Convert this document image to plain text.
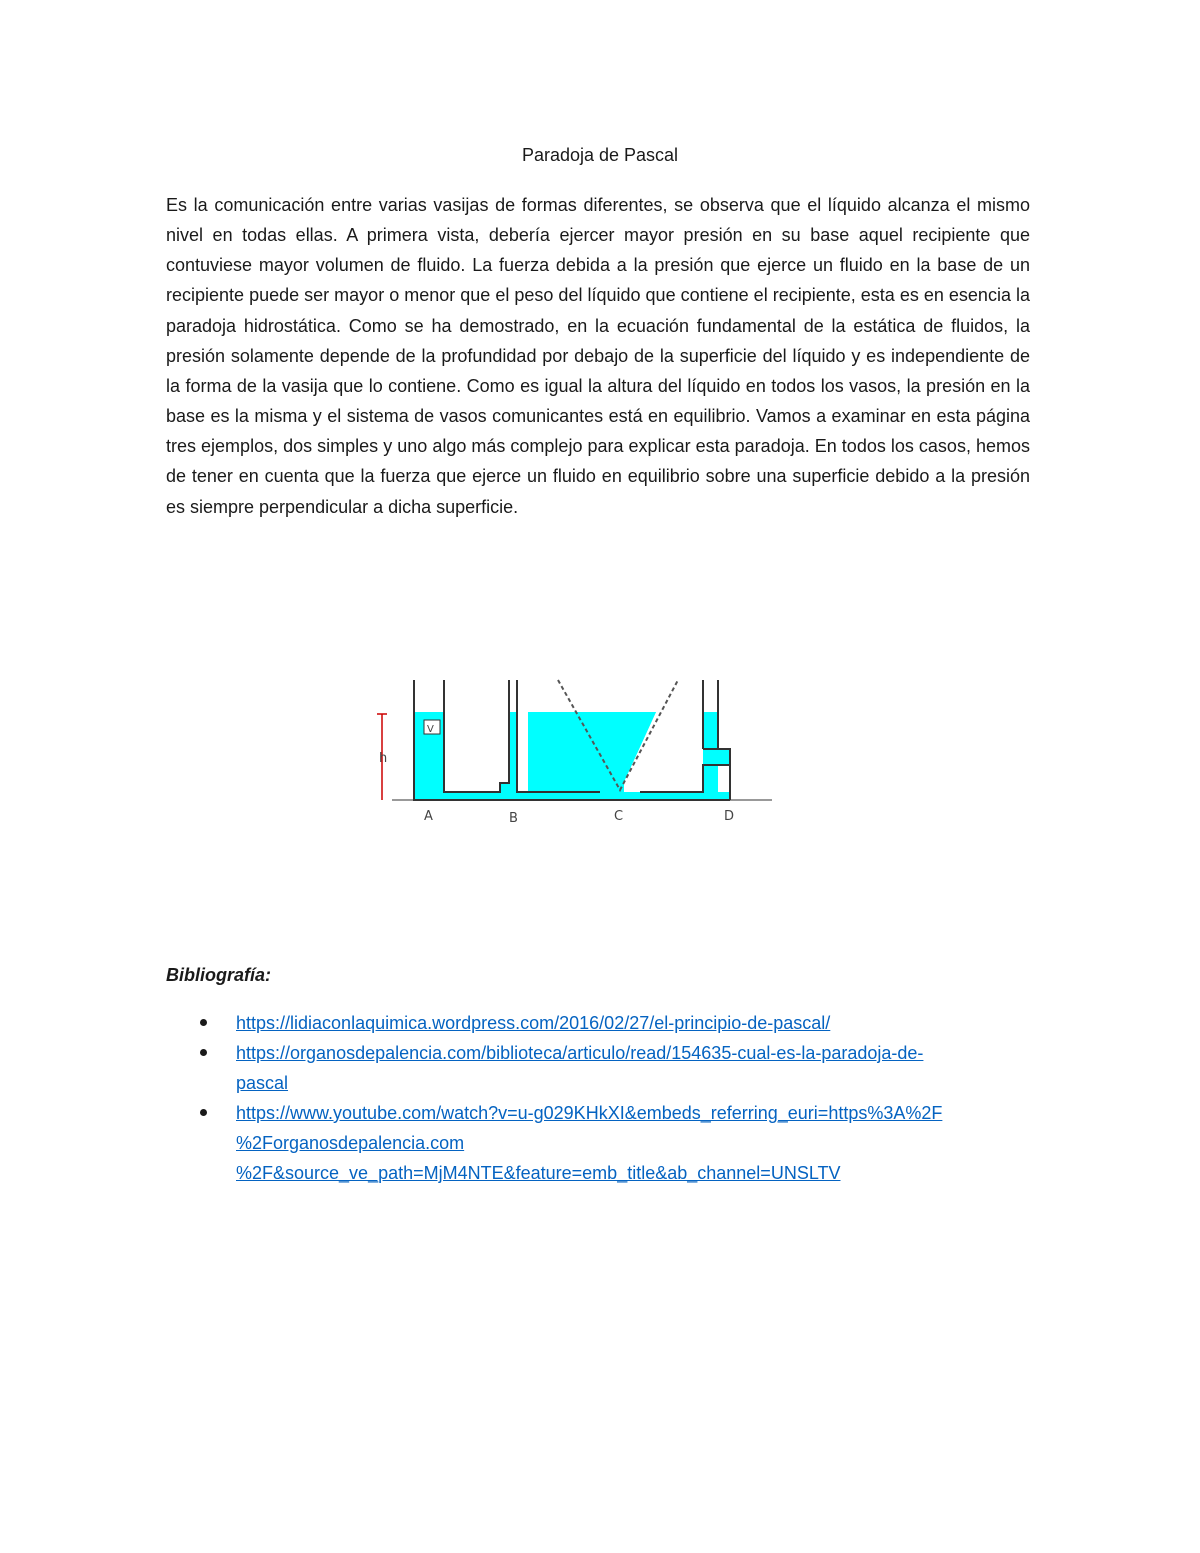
Paradoja de Pascal

Es la comunicación entre varias vasijas de formas diferentes, se observa que el líquido alcanza el mismo nivel en todas ellas. A primera vista, debería ejercer mayor presión en su base aquel recipiente que contuviese mayor volumen de fluido. La fuerza debida a la presión que ejerce un fluido en la base de un recipiente puede ser mayor o menor que el peso del líquido que contiene el recipiente, esta es en esencia la paradoja hidrostática. Como se ha demostrado, en la ecuación fundamental de la estática de fluidos, la presión solamente depende de la profundidad por debajo de la superficie del líquido y es independiente de la forma de la vasija que lo contiene. Como es igual la altura del líquido en todos los vasos, la presión en la base es la misma y el sistema de vasos comunicantes está en equilibrio. Vamos a examinar en esta página tres ejemplos, dos simples y uno algo más complejo para explicar esta paradoja. En todos los casos, hemos de tener en cuenta que la fuerza que ejerce un fluido en equilibrio sobre una superficie debido a la presión es siempre perpendicular a dicha superficie.

h
V
A	B	C	D

Bibliografía:

https://lidiaconlaquimica.wordpress.com/2016/02/27/el-principio-de-pascal/
https://organosdepalencia.com/biblioteca/articulo/read/154635-cual-es-la-paradoja-de-
pascal
https://www.youtube.com/watch?v=u-g029KHkXI&embeds_referring_euri=https%3A%2F
%2Forganosdepalencia.com
%2F&source_ve_path=MjM4NTE&feature=emb_title&ab_channel=UNSLTV
